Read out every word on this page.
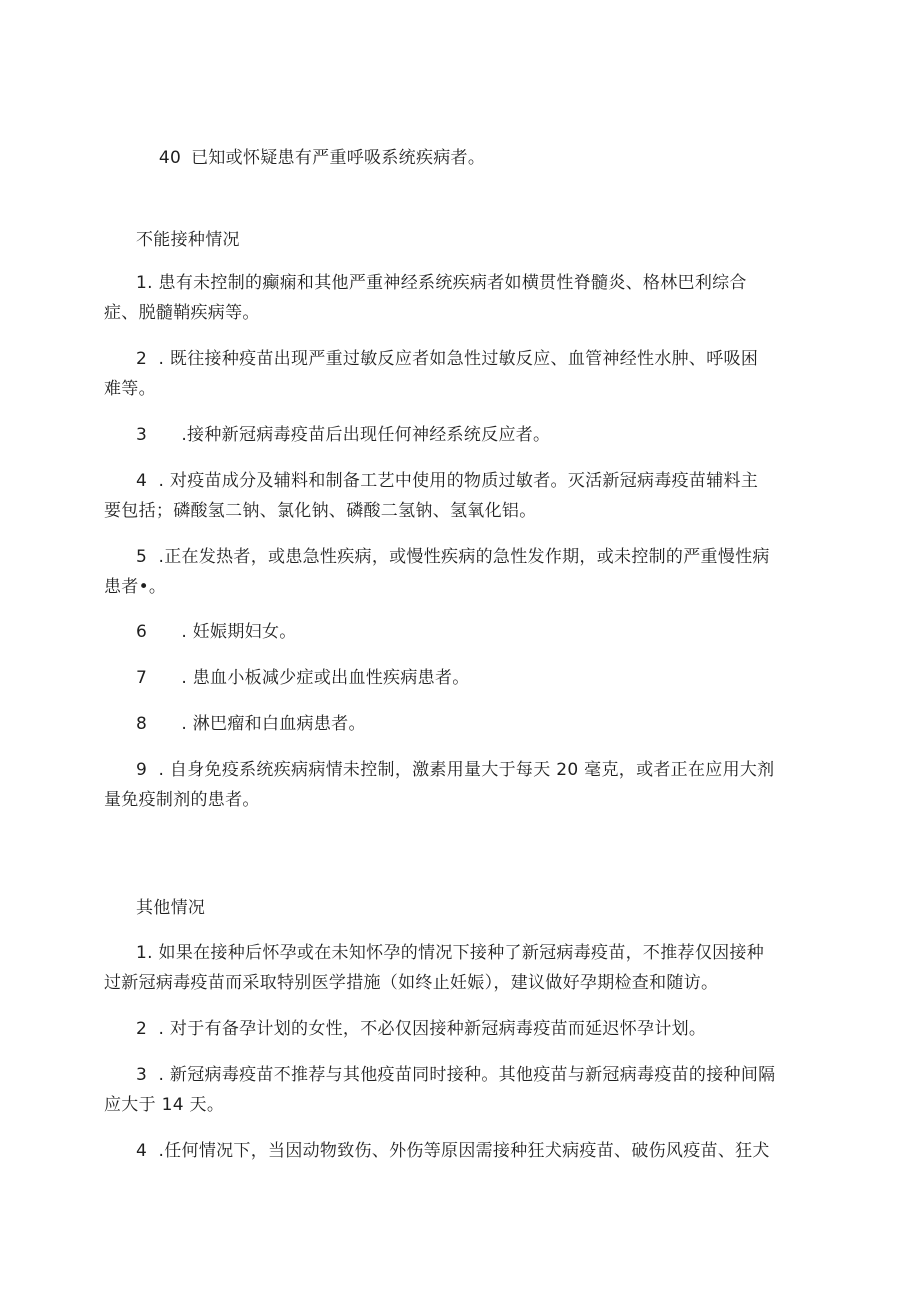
40 已知或怀疑患有严重呼吸系统疾病者。

不能接种情况
1. 患有未控制的癫痫和其他严重神经系统疾病者如横贯性脊髓炎、格林巴利综合
症、脱髓鞘疾病等。
2  . 既往接种疫苗出现严重过敏反应者如急性过敏反应、血管神经性水肿、呼吸困
难等。
3      .接种新冠病毒疫苗后出现任何神经系统反应者。
4  . 对疫苗成分及辅料和制备工艺中使用的物质过敏者。灭活新冠病毒疫苗辅料主
要包括；磷酸氢二钠、氯化钠、磷酸二氢钠、氢氧化铝。
5  .正在发热者，或患急性疾病，或慢性疾病的急性发作期，或未控制的严重慢性病
患者•。
6      . 妊娠期妇女。
7      . 患血小板减少症或出血性疾病患者。
8      . 淋巴瘤和白血病患者。
9  . 自身免疫系统疾病病情未控制，激素用量大于每天 20 毫克，或者正在应用大剂
量免疫制剂的患者。
其他情况
1. 如果在接种后怀孕或在未知怀孕的情况下接种了新冠病毒疫苗，不推荐仅因接种
过新冠病毒疫苗而采取特别医学措施（如终止妊娠），建议做好孕期检查和随访。
2  . 对于有备孕计划的女性，不必仅因接种新冠病毒疫苗而延迟怀孕计划。
3  . 新冠病毒疫苗不推荐与其他疫苗同时接种。其他疫苗与新冠病毒疫苗的接种间隔
应大于 14 天。
4  .任何情况下，当因动物致伤、外伤等原因需接种狂犬病疫苗、破伤风疫苗、狂犬
